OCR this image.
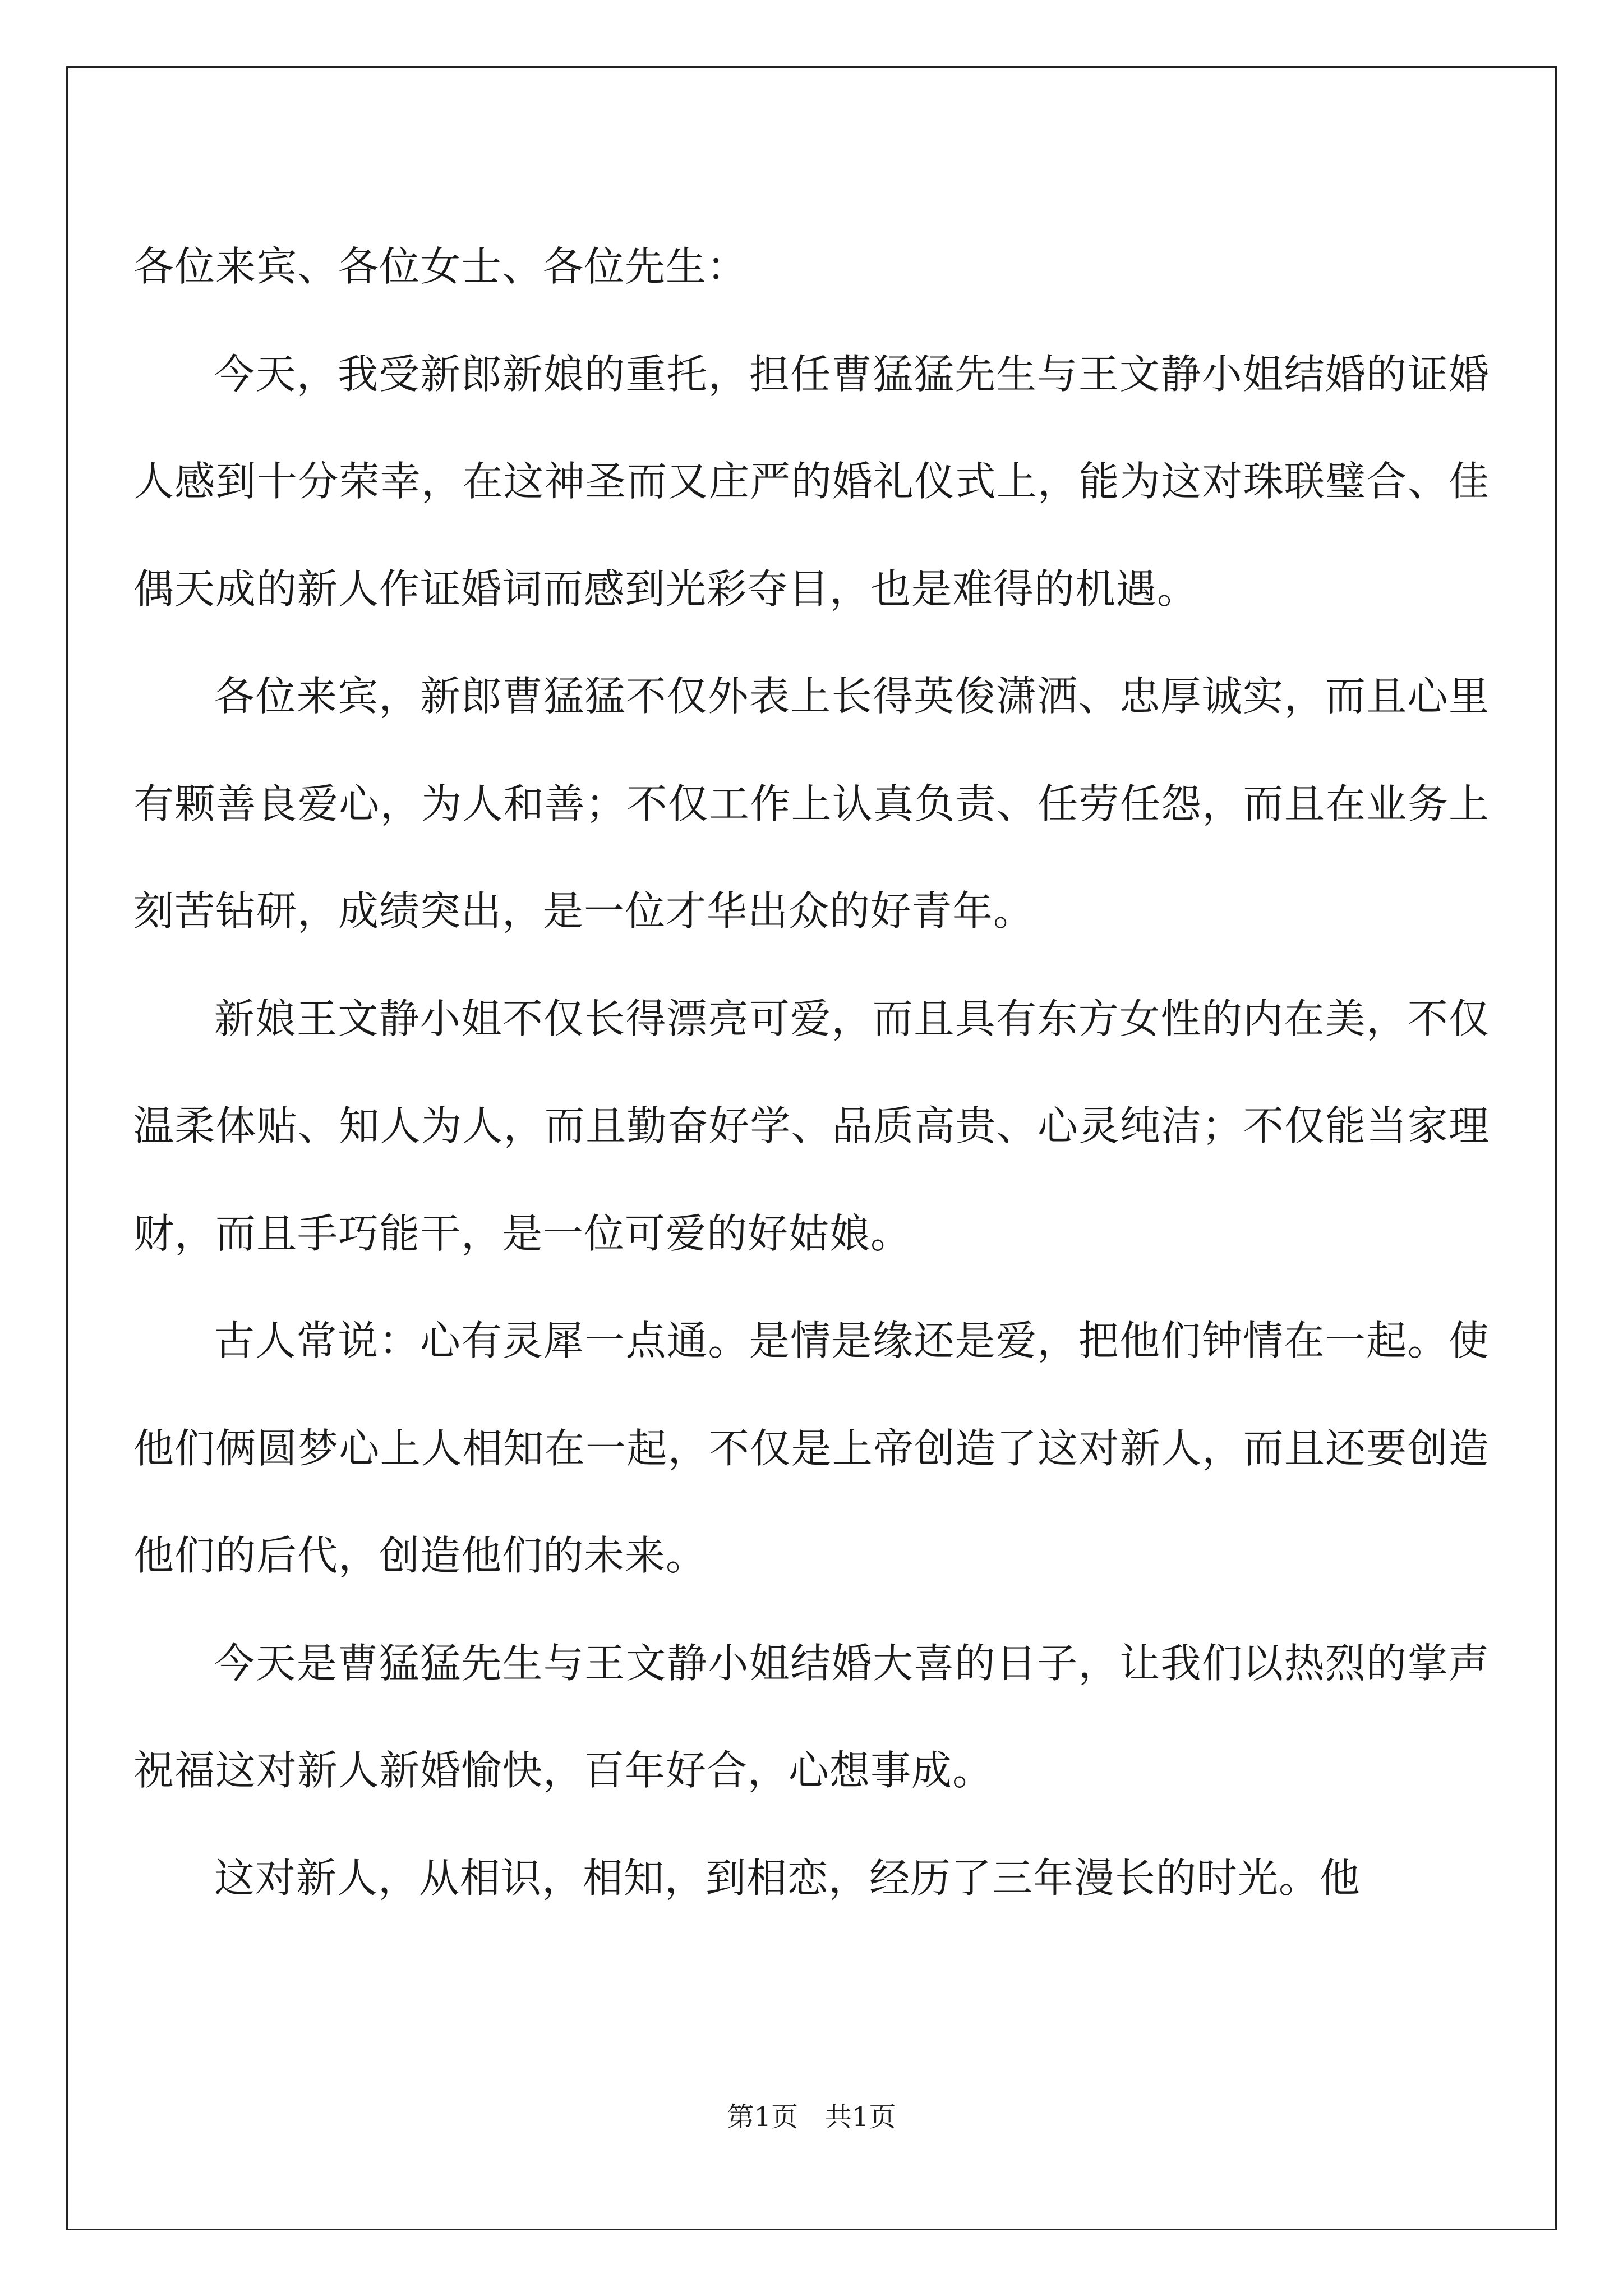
各位来宾、各位女士、各位先生：

今天，我受新郎新娘的重托，担任曹猛猛先生与王文静小姐结婚的证婚人感到十分荣幸，在这神圣而又庄严的婚礼仪式上，能为这对珠联璧合、佳偶天成的新人作证婚词而感到光彩夺目，也是难得的机遇。

各位来宾，新郎曹猛猛不仅外表上长得英俊潇洒、忠厚诚实，而且心里有颗善良爱心，为人和善；不仅工作上认真负责、任劳任怨，而且在业务上刻苦钻研，成绩突出，是一位才华出众的好青年。

新娘王文静小姐不仅长得漂亮可爱，而且具有东方女性的内在美，不仅温柔体贴、知人为人，而且勤奋好学、品质高贵、心灵纯洁；不仅能当家理财，而且手巧能干，是一位可爱的好姑娘。

古人常说：心有灵犀一点通。是情是缘还是爱，把他们钟情在一起。使他们俩圆梦心上人相知在一起，不仅是上帝创造了这对新人，而且还要创造他们的后代，创造他们的未来。

今天是曹猛猛先生与王文静小姐结婚大喜的日子，让我们以热烈的掌声祝福这对新人新婚愉快，百年好合，心想事成。

这对新人，从相识，相知，到相恋，经历了三年漫长的时光。他

第1页　共1页
